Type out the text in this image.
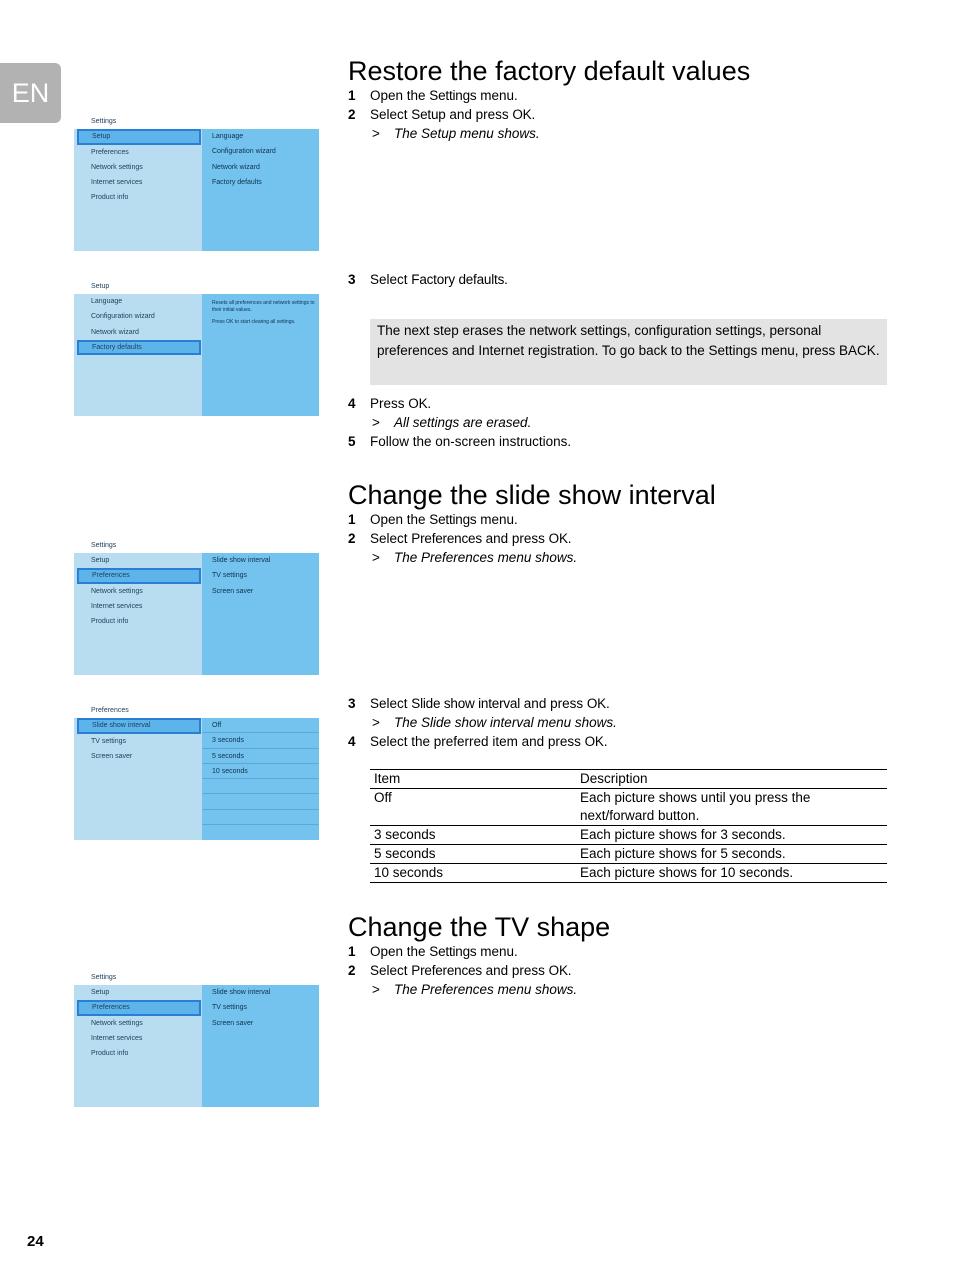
EN
Settings
Setup
Preferences
Network settings
Internet services
Product info
Language
Configuration wizard
Network wizard
Factory defaults
Setup
Language
Configuration wizard
Network wizard
Factory defaults

Resets all preferences and network settings to their initial values.

Press OK to start clearing all settings.

Settings
Setup
Preferences
Network settings
Internet services
Product info
Slide show interval
TV settings
Screen saver
Preferences
Slide show interval
TV settings
Screen saver
Off
3 seconds
5 seconds
10 seconds
Settings
Setup
Preferences
Network settings
Internet services
Product info
Slide show interval
TV settings
Screen saver
Restore the factory default values
1 Open the Settings menu.
2 Select Setup and press OK.
> The Setup menu shows.
3 Select Factory defaults.
The next step erases the network settings, configuration settings, personal preferences and Internet registration. To go back to the Settings menu, press BACK.
4 Press OK.
> All settings are erased.
5 Follow the on-screen instructions.
Change the slide show interval
1 Open the Settings menu.
2 Select Preferences and press OK.
> The Preferences menu shows.
3 Select Slide show interval and press OK.
> The Slide show interval menu shows.
4 Select the preferred item and press OK.
Item	Description
Off	Each picture shows until you press the next/forward button.
3 seconds	Each picture shows for 3 seconds.
5 seconds	Each picture shows for 5 seconds.
10 seconds	Each picture shows for 10 seconds.
Change the TV shape
1 Open the Settings menu.
2 Select Preferences and press OK.
> The Preferences menu shows.
24
